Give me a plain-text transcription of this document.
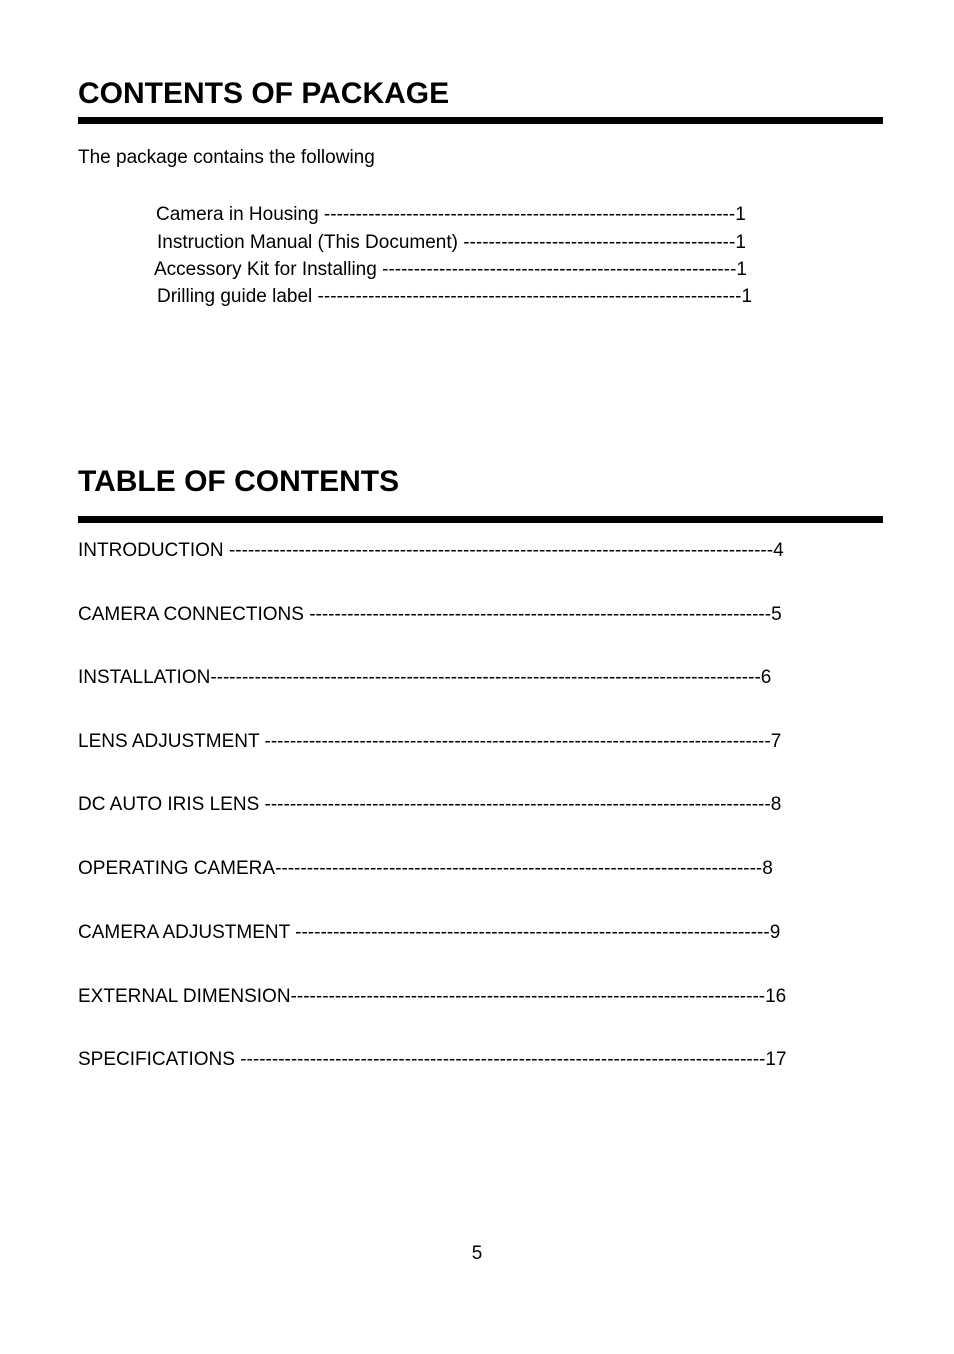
CONTENTS OF PACKAGE
The package contains the following
Camera in Housing -----------------------------------------------------------------1
Instruction Manual (This Document) -------------------------------------------1
Accessory Kit for Installing --------------------------------------------------------1
Drilling guide label -------------------------------------------------------------------1
TABLE OF CONTENTS
INTRODUCTION --------------------------------------------------------------------------------------4
CAMERA CONNECTIONS -------------------------------------------------------------------------5
INSTALLATION---------------------------------------------------------------------------------------6
LENS ADJUSTMENT --------------------------------------------------------------------------------7
DC AUTO IRIS LENS --------------------------------------------------------------------------------8
OPERATING CAMERA-----------------------------------------------------------------------------8
CAMERA ADJUSTMENT ---------------------------------------------------------------------------9
EXTERNAL DIMENSION---------------------------------------------------------------------------16
SPECIFICATIONS -----------------------------------------------------------------------------------17
5
